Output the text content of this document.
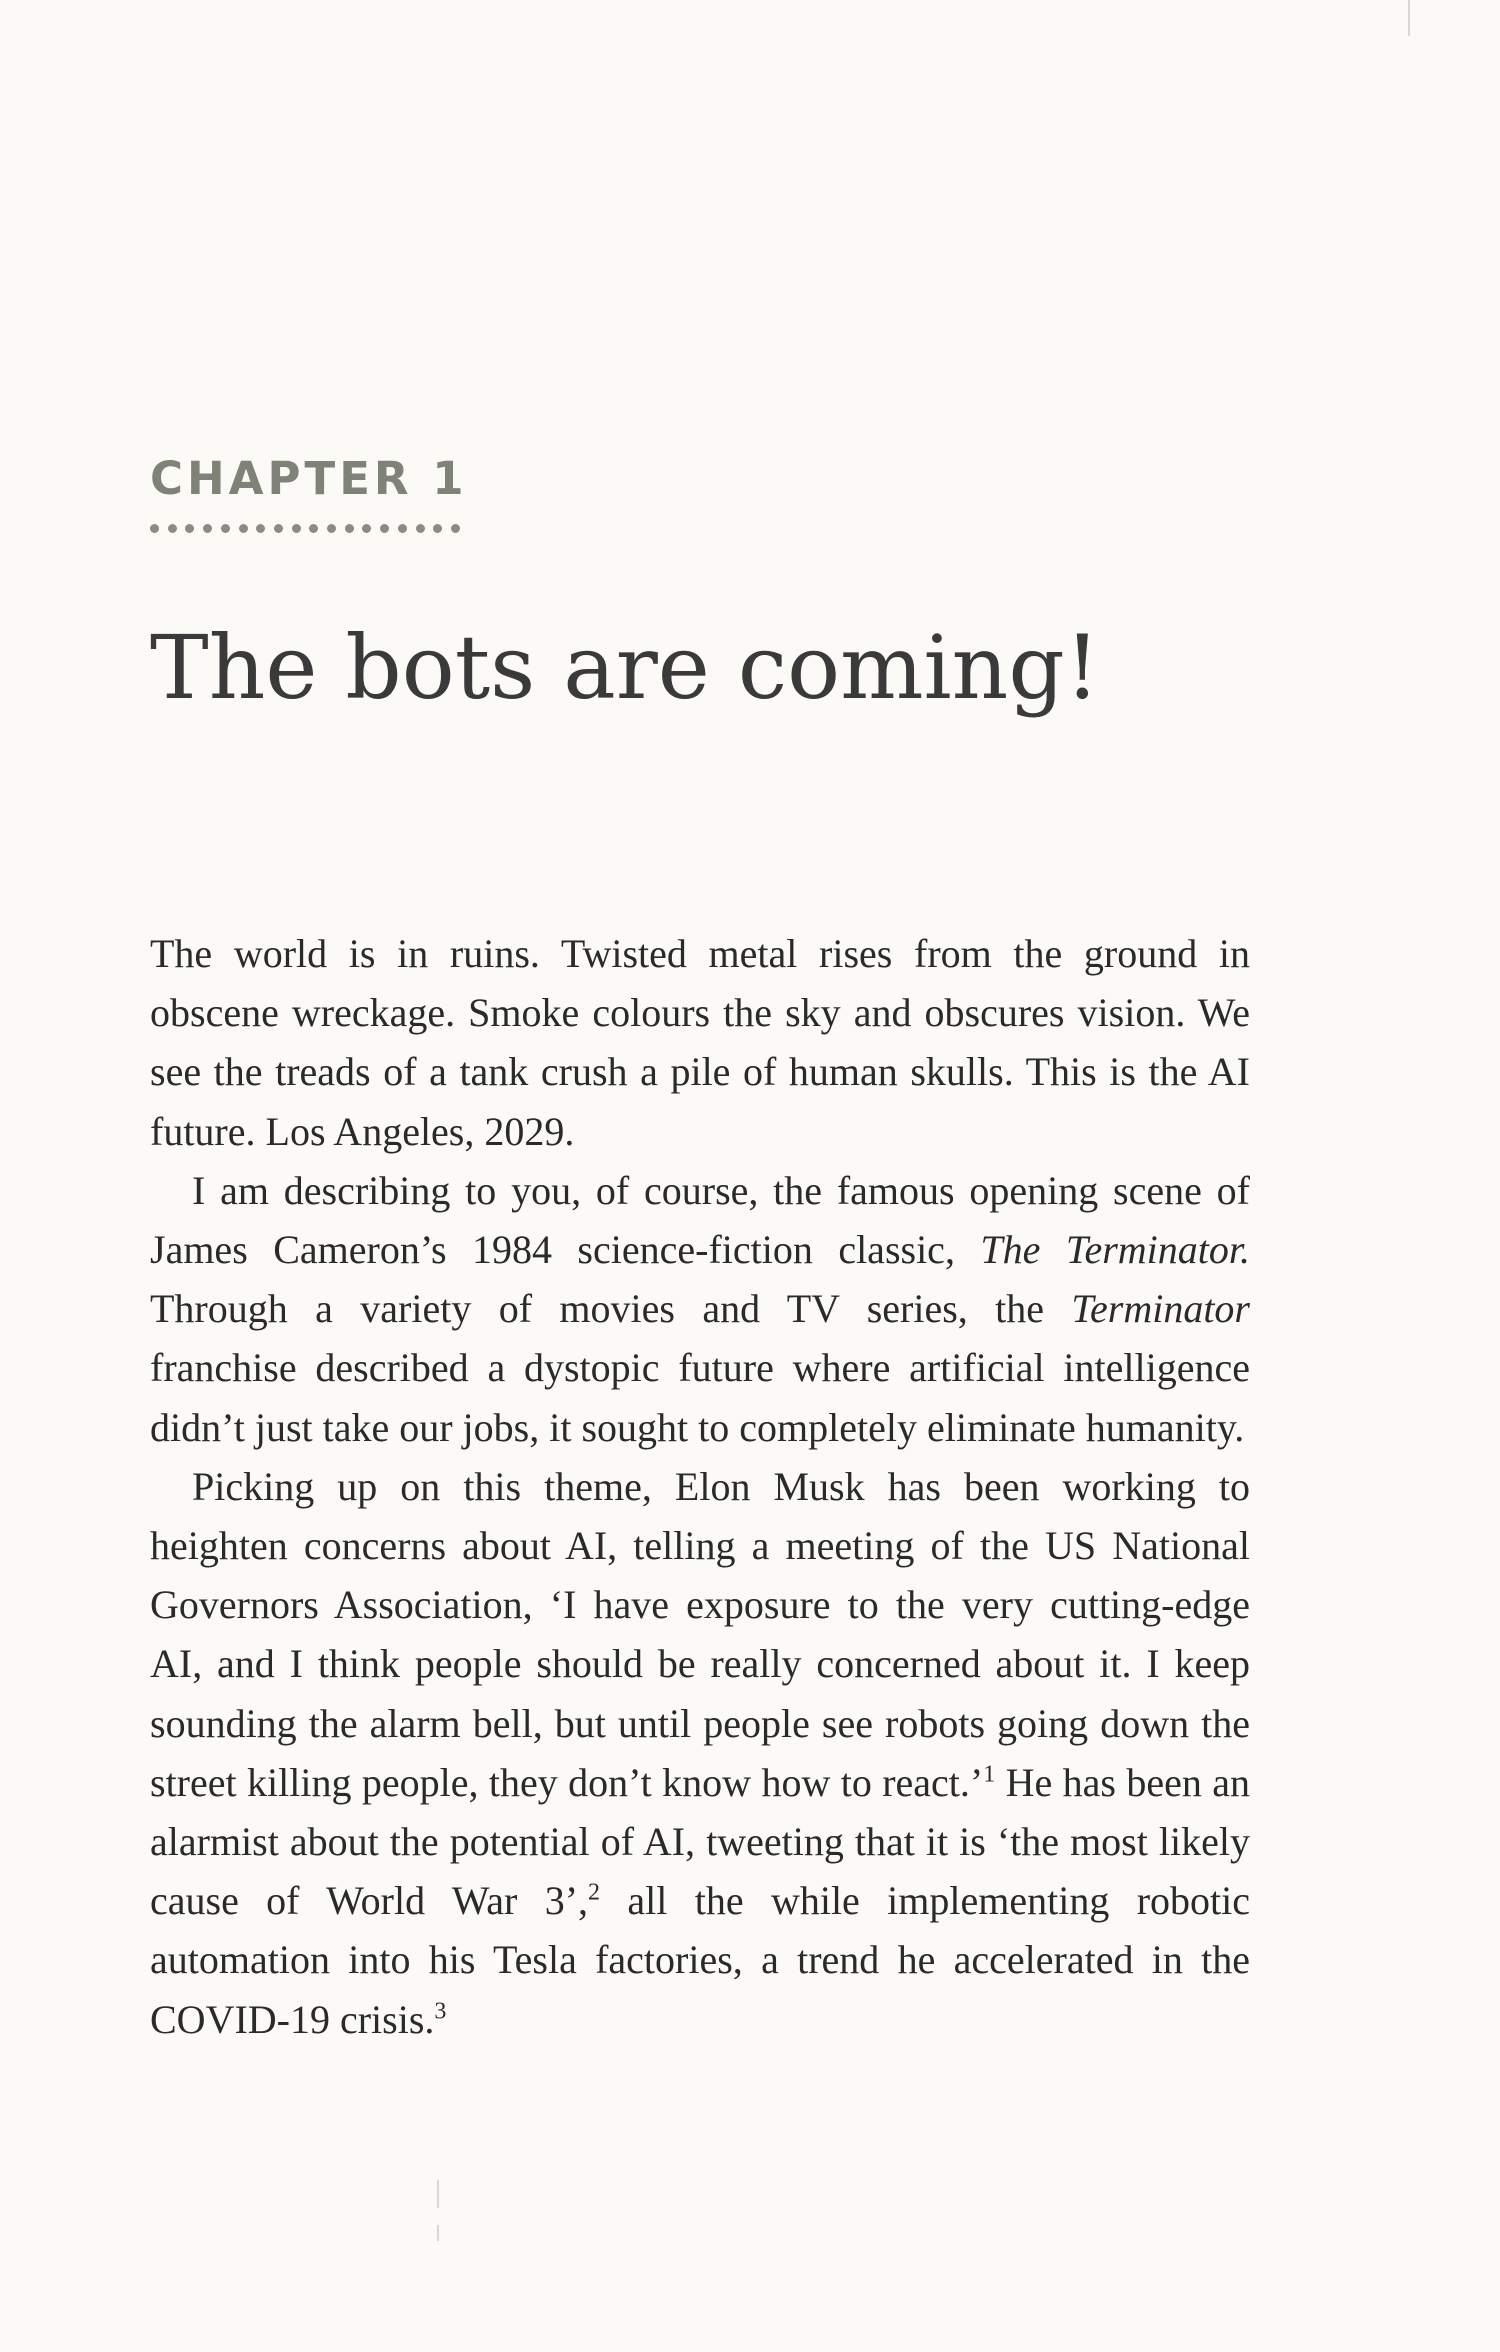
CHAPTER 1
The bots are coming!

The world is in ruins. Twisted metal rises from the ground in obscene wreckage. Smoke colours the sky and obscures vision. We see the treads of a tank crush a pile of human skulls. This is the AI future. Los Angeles, 2029.

I am describing to you, of course, the famous opening scene of James Cameron’s 1984 science-fiction classic, The Terminator. Through a variety of movies and TV series, the Terminator franchise described a dystopic future where artificial intelligence didn’t just take our jobs, it sought to completely eliminate humanity.

Picking up on this theme, Elon Musk has been working to heighten concerns about AI, telling a meeting of the US National Governors Association, ‘I have exposure to the very cutting-edge AI, and I think people should be really concerned about it. I keep sounding the alarm bell, but until people see robots going down the street killing people, they don’t know how to react.’$^1$ He has been an alarmist about the potential of AI, tweeting that it is ‘the most likely cause of World War 3’,$^2$ all the while implementing robotic automation into his Tesla factories, a trend he accelerated in the COVID-19 crisis.$^3$
